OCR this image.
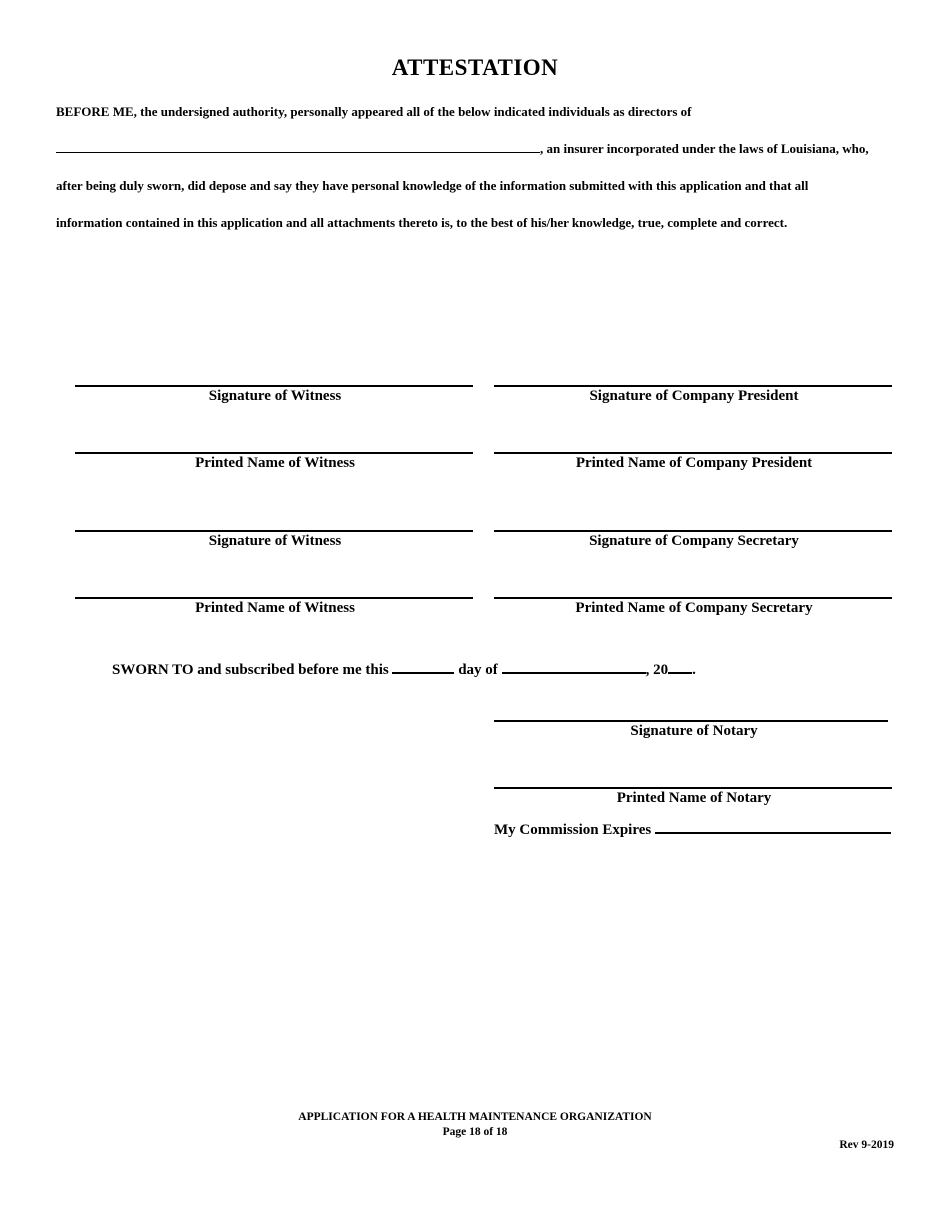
ATTESTATION
BEFORE ME, the undersigned authority, personally appeared all of the below indicated individuals as directors of
, an insurer incorporated under the laws of Louisiana, who,
after being duly sworn, did depose and say they have personal knowledge of the information submitted with this application and that all
information contained in this application and all attachments thereto is, to the best of his/her knowledge, true, complete and correct.
Signature of Witness
Printed Name of Witness
Signature of Witness
Printed Name of Witness
Signature of Company President
Printed Name of Company President
Signature of Company Secretary
Printed Name of Company Secretary
SWORN TO and subscribed before me this	day of	, 20 .
Signature of Notary
Printed Name of Notary
My Commission Expires
APPLICATION FOR A HEALTH MAINTENANCE ORGANIZATION
Page 18 of 18
Rev 9-2019
